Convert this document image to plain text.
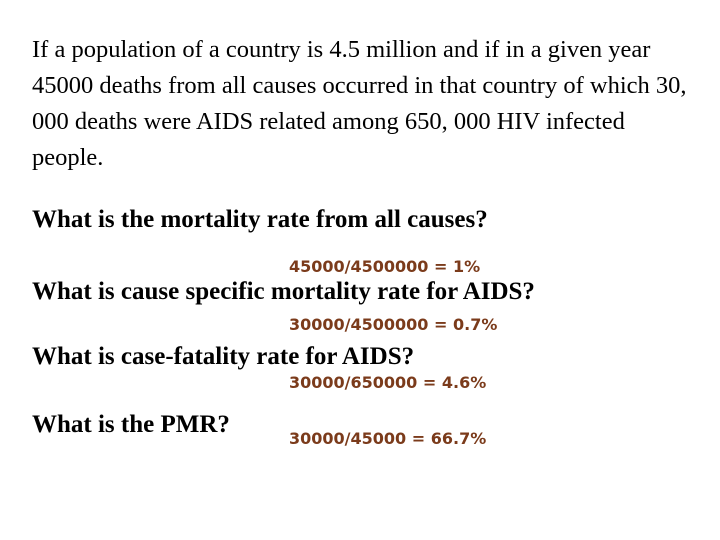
If a population of a country is 4.5 million and if in a given year 45000 deaths from all causes occurred in that country of which 30, 000 deaths were AIDS related among 650, 000 HIV infected people.

What is the mortality rate from all causes?

45000/4500000 = 1%

What is cause specific mortality rate for AIDS?

30000/4500000 = 0.7%

What is case-fatality rate for AIDS?

30000/650000 = 4.6%

What is the PMR?

30000/45000 = 66.7%
